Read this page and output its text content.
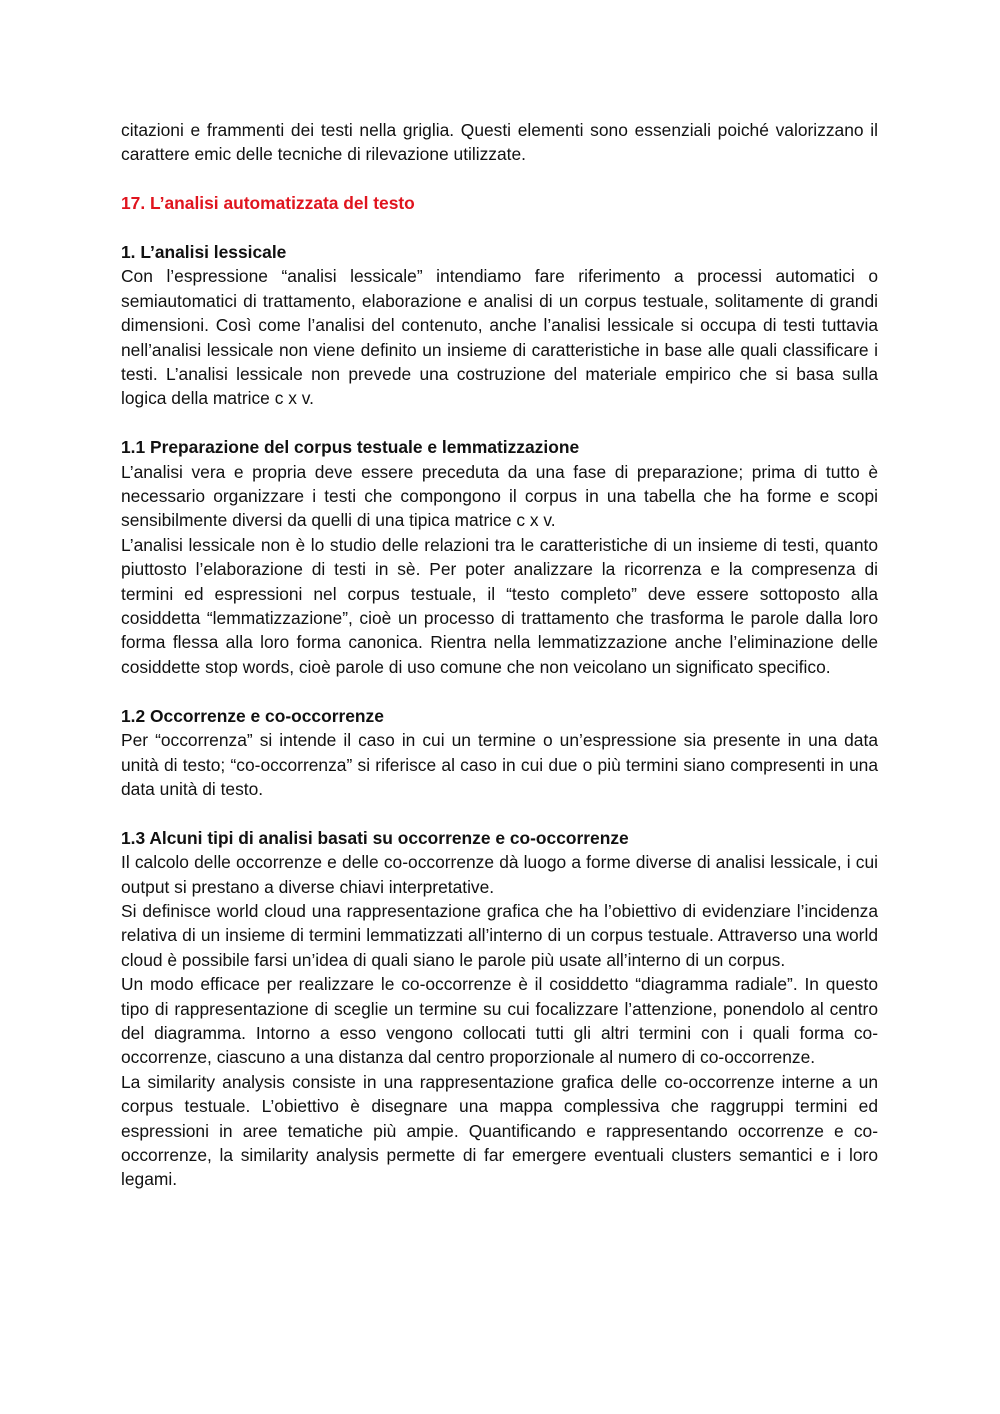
citazioni e frammenti dei testi nella griglia. Questi elementi sono essenziali poiché valorizzano il carattere emic delle tecniche di rilevazione utilizzate.

17. L’analisi automatizzata del testo

1. L’analisi lessicale

Con l’espressione “analisi lessicale” intendiamo fare riferimento a processi automatici o semiautomatici di trattamento, elaborazione e analisi di un corpus testuale, solitamente di grandi dimensioni. Così come l’analisi del contenuto, anche l’analisi lessicale si occupa di testi tuttavia nell’analisi lessicale non viene definito un insieme di caratteristiche in base alle quali classificare i testi. L’analisi lessicale non prevede una costruzione del materiale empirico che si basa sulla logica della matrice c x v.

1.1 Preparazione del corpus testuale e lemmatizzazione

L’analisi vera e propria deve essere preceduta da una fase di preparazione; prima di tutto è necessario organizzare i testi che compongono il corpus in una tabella che ha forme e scopi sensibilmente diversi da quelli di una tipica matrice c x v.

L’analisi lessicale non è lo studio delle relazioni tra le caratteristiche di un insieme di testi, quanto piuttosto l’elaborazione di testi in sè. Per poter analizzare la ricorrenza e la compresenza di termini ed espressioni nel corpus testuale, il “testo completo” deve essere sottoposto alla cosiddetta “lemmatizzazione”, cioè un processo di trattamento che trasforma le parole dalla loro forma flessa alla loro forma canonica. Rientra nella lemmatizzazione anche l’eliminazione delle cosiddette stop words, cioè parole di uso comune che non veicolano un significato specifico.

1.2 Occorrenze e co-occorrenze

Per “occorrenza” si intende il caso in cui un termine o un’espressione sia presente in una data unità di testo; “co-occorrenza” si riferisce al caso in cui due o più termini siano compresenti in una data unità di testo.

1.3 Alcuni tipi di analisi basati su occorrenze e co-occorrenze

Il calcolo delle occorrenze e delle co-occorrenze dà luogo a forme diverse di analisi lessicale, i cui output si prestano a diverse chiavi interpretative.

Si definisce world cloud una rappresentazione grafica che ha l’obiettivo di evidenziare l’incidenza relativa di un insieme di termini lemmatizzati all’interno di un corpus testuale. Attraverso una world cloud è possibile farsi un’idea di quali siano le parole più usate all’interno di un corpus.

Un modo efficace per realizzare le co-occorrenze è il cosiddetto “diagramma radiale”. In questo tipo di rappresentazione di sceglie un termine su cui focalizzare l’attenzione, ponendolo al centro del diagramma. Intorno a esso vengono collocati tutti gli altri termini con i quali forma co-occorrenze, ciascuno a una distanza dal centro proporzionale al numero di co-occorrenze.

La similarity analysis consiste in una rappresentazione grafica delle co-occorrenze interne a un corpus testuale. L’obiettivo è disegnare una mappa complessiva che raggruppi termini ed espressioni in aree tematiche più ampie. Quantificando e rappresentando occorrenze e co-occorrenze, la similarity analysis permette di far emergere eventuali clusters semantici e i loro legami.
